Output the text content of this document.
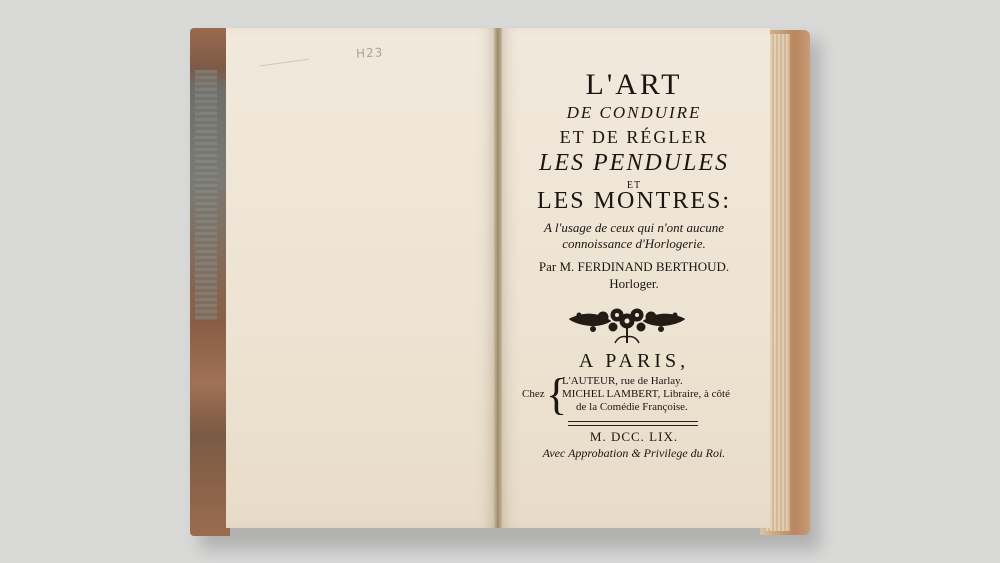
H23
L'ART
DE CONDUIRE
ET DE RÉGLER
LES PENDULES
ET
LES MONTRES:
A l'usage de ceux qui n'ont aucune
connoissance d'Horlogerie.
Par M. FERDINAND BERTHOUD.
Horloger.
A PARIS,
Chez {
L'AUTEUR, rue de Harlay.
MICHEL LAMBERT, Libraire, à côté
de la Comédie Françoise.
M. DCC. LIX.
Avec Approbation & Privilege du Roi.
